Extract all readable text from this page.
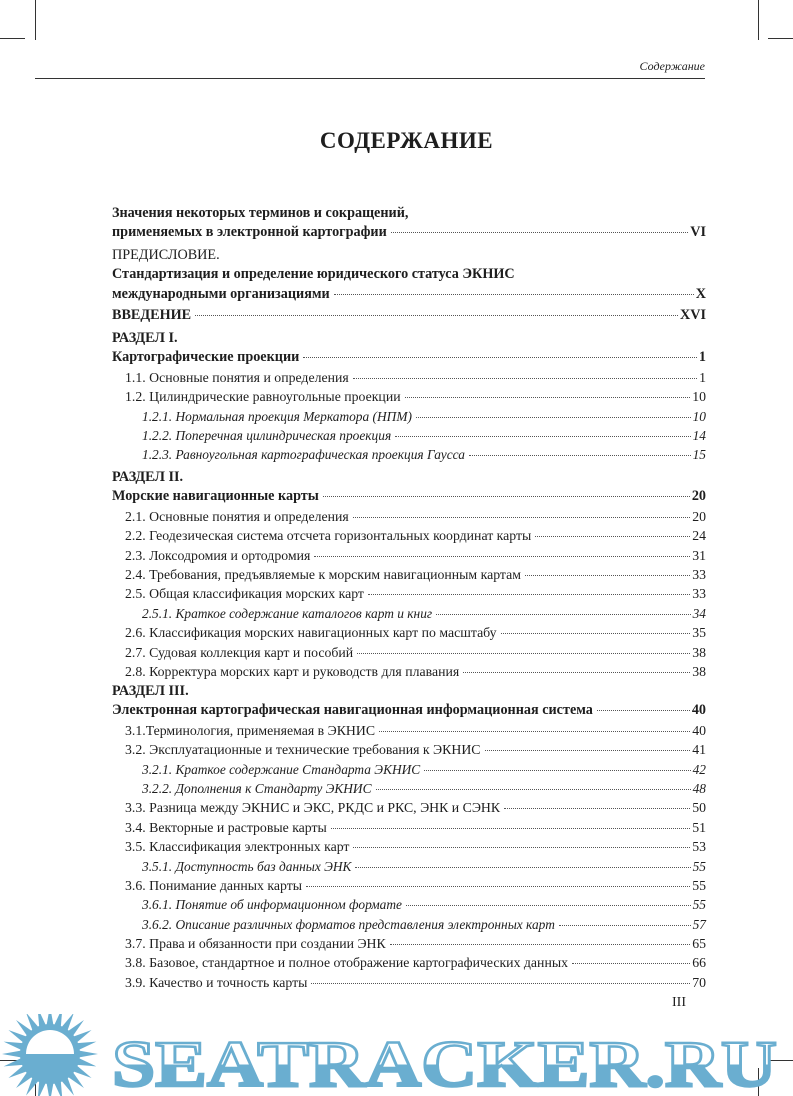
Содержание
СОДЕРЖАНИЕ
Значения некоторых терминов и сокращений,
применяемых в электронной картографии	VI
ПРЕДИСЛОВИЕ.
Стандартизация и определение юридического статуса ЭКНИС
международными организациями	X
ВВЕДЕНИЕ	XVI
РАЗДЕЛ I.
Картографические проекции	1
1.1. Основные понятия и определения	1
1.2. Цилиндрические равноугольные проекции	10
1.2.1. Нормальная проекция Меркатора (НПМ)	10
1.2.2. Поперечная цилиндрическая проекция	14
1.2.3. Равноугольная картографическая проекция Гаусса	15
РАЗДЕЛ II.
Морские навигационные карты	20
2.1. Основные понятия и определения	20
2.2. Геодезическая система отсчета горизонтальных координат карты	24
2.3. Локсодромия и ортодромия	31
2.4. Требования, предъявляемые к морским навигационным картам	33
2.5. Общая классификация морских карт	33
2.5.1. Краткое содержание каталогов карт и книг	34
2.6. Классификация морских навигационных карт по масштабу	35
2.7. Судовая коллекция карт и пособий	38
2.8. Корректура морских карт и руководств для плавания	38
РАЗДЕЛ III.
Электронная картографическая навигационная информационная система	40
3.1.Терминология, применяемая в ЭКНИС	40
3.2. Эксплуатационные и технические требования к ЭКНИС	41
3.2.1. Краткое содержание Стандарта ЭКНИС	42
3.2.2. Дополнения к Стандарту ЭКНИС	48
3.3. Разница между ЭКНИС и ЭКС, РКДС и РКС, ЭНК и СЭНК	50
3.4. Векторные и растровые карты	51
3.5. Классификация электронных карт	53
3.5.1. Доступность баз данных ЭНК	55
3.6. Понимание данных карты	55
3.6.1. Понятие об информационном формате	55
3.6.2. Описание различных форматов представления электронных карт	57
3.7. Права и обязанности при создании ЭНК	65
3.8. Базовое, стандартное и полное отображение картографических данных	66
3.9. Качество и точность карты	70
III
SEATRACKER.RU
